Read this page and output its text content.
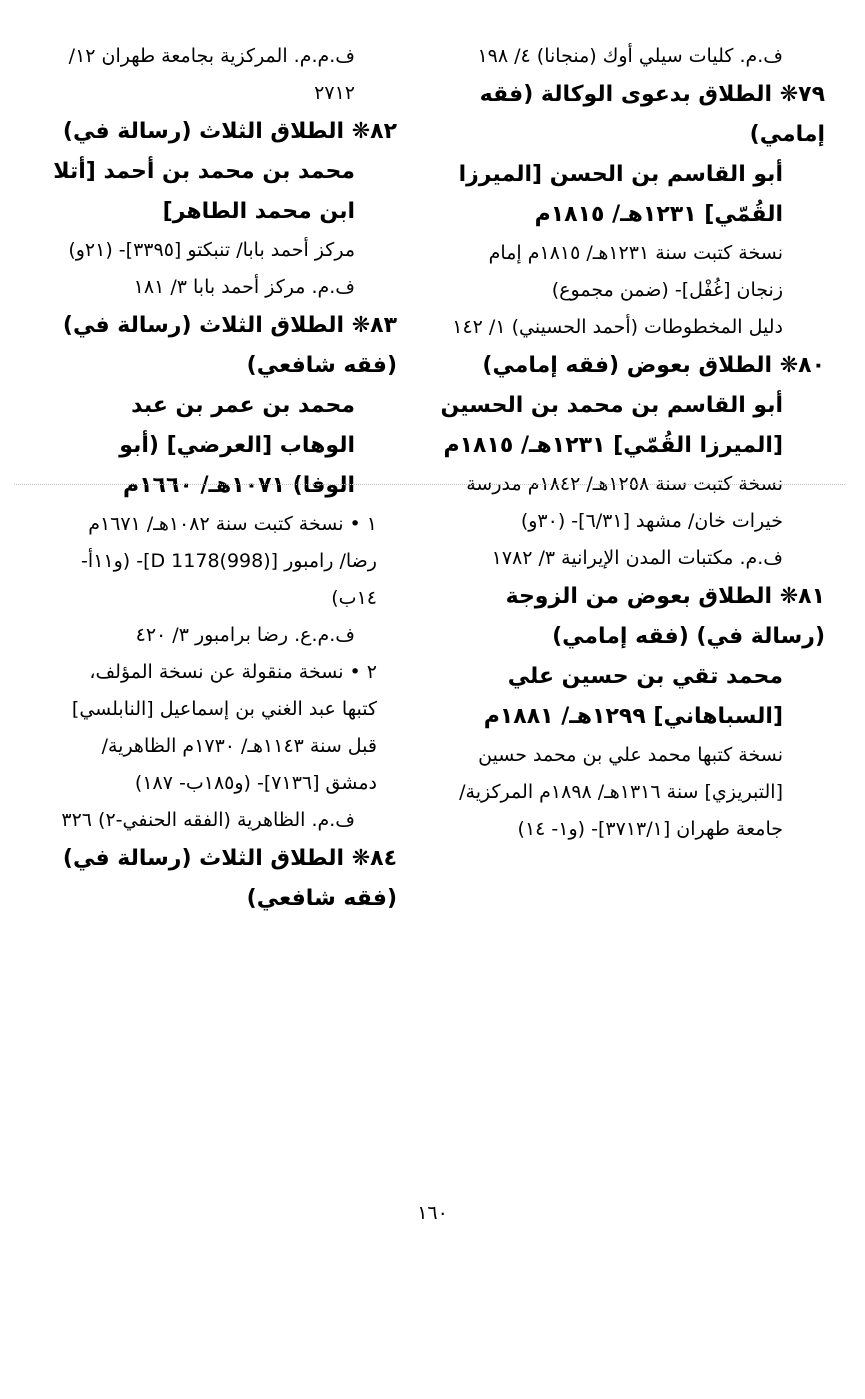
ف.م. كليات سيلي أوك (منجانا) ٤/ ١٩٨

٧٩❋ الطلاق بدعوى الوكالة (فقه إمامي)

أبو القاسم بن الحسن [الميرزا القُمّي] ١٢٣١هـ/ ١٨١٥م

نسخة كتبت سنة ١٢٣١هـ/ ١٨١٥م إمام زنجان [غُفْل]- (ضمن مجموع)

دليل المخطوطات (أحمد الحسيني) ١/ ١٤٢

٨٠❋ الطلاق بعوض (فقه إمامي)

أبو القاسم بن محمد بن الحسين [الميرزا القُمّي] ١٢٣١هـ/ ١٨١٥م

نسخة كتبت سنة ١٢٥٨هـ/ ١٨٤٢م مدرسة خيرات خان/ مشهد [٦/٣١]- (٣٠و)

ف.م. مكتبات المدن الإيرانية ٣/ ١٧٨٢

٨١❋ الطلاق بعوض من الزوجة (رسالة في) (فقه إمامي)

محمد تقي بن حسين علي [السباهاني] ١٢٩٩هـ/ ١٨٨١م

نسخة كتبها محمد علي بن محمد حسين [التبريزي] سنة ١٣١٦هـ/ ١٨٩٨م المركزية/ جامعة طهران [٣٧١٣/١]- (و١- ١٤)

ف.م.م. المركزية بجامعة طهران ١٢/ ٢٧١٢

٨٢❋ الطلاق الثلاث (رسالة في)

محمد بن محمد بن أحمد [أتلا ابن محمد الطاهر]

مركز أحمد بابا/ تنبكتو [٣٣٩٥]- (٢١و)

ف.م. مركز أحمد بابا ٣/ ١٨١

٨٣❋ الطلاق الثلاث (رسالة في) (فقه شافعي)

محمد بن عمر بن عبد الوهاب [العرضي] (أبو الوفا) ١٠٧١هـ/ ١٦٦٠م

١ • نسخة كتبت سنة ١٠٨٢هـ/ ١٦٧١م رضا/ رامبور [D 1178(998)]- (و١١أ- ١٤ب)

ف.م.ع. رضا برامبور ٣/ ٤٢٠

٢ • نسخة منقولة عن نسخة المؤلف، كتبها عبد الغني بن إسماعيل [النابلسي] قبل سنة ١١٤٣هـ/ ١٧٣٠م الظاهرية/ دمشق [٧١٣٦]- (و١٨٥ب- ١٨٧)

ف.م. الظاهرية (الفقه الحنفي-٢) ٣٢٦

٨٤❋ الطلاق الثلاث (رسالة في) (فقه شافعي)

١٦٠
